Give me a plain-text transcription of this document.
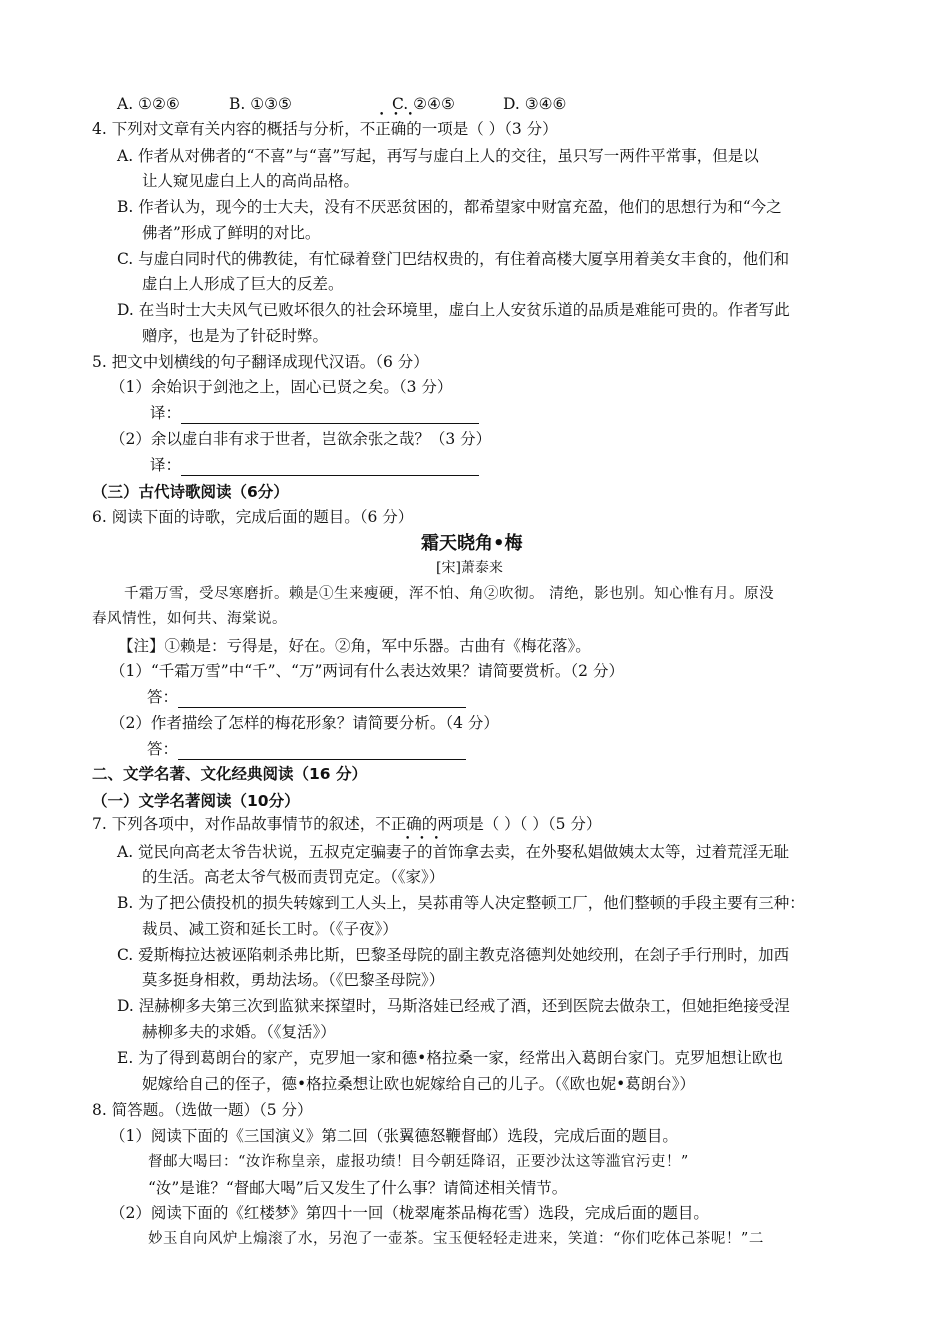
A. ①②⑥	B. ①③⑤	C. ②④⑤	D. ③④⑥
4. 下列对文章有关内容的概括与分析，不正确的一项是（ ）（3 分）
•••
A. 作者从对佛者的“不喜”与“喜”写起，再写与虚白上人的交往，虽只写一两件平常事，但是以
让人窥见虚白上人的高尚品格。
B. 作者认为，现今的士大夫，没有不厌恶贫困的，都希望家中财富充盈，他们的思想行为和“今之
佛者”形成了鲜明的对比。
C. 与虚白同时代的佛教徒，有忙碌着登门巴结权贵的，有住着高楼大厦享用着美女丰食的，他们和
虚白上人形成了巨大的反差。
D. 在当时士大夫风气已败坏很久的社会环境里，虚白上人安贫乐道的品质是难能可贵的。作者写此
赠序，也是为了针砭时弊。
5. 把文中划横线的句子翻译成现代汉语。（6 分）
（1）余始识于剑池之上，固心已贤之矣。（3 分）
译：
（2）余以虚白非有求于世者，岂欲余张之哉？（3 分）
译：
（三）古代诗歌阅读（6分）
6. 阅读下面的诗歌，完成后面的题目。（6 分）
霜天晓角•梅
[宋]萧泰来
千霜万雪，受尽寒磨折。赖是①生来瘦硬，浑不怕、角②吹彻。 清绝，影也别。知心惟有月。原没
春风情性，如何共、海棠说。
【注】①赖是：亏得是，好在。②角，军中乐器。古曲有《梅花落》。
（1）“千霜万雪”中“千”、“万”两词有什么表达效果？请简要赏析。（2 分）
答：
（2）作者描绘了怎样的梅花形象？请简要分析。（4 分）
答：
二、文学名著、文化经典阅读（16 分）
（一）文学名著阅读（10分）
7. 下列各项中，对作品故事情节的叙述，不正确的两项是（ ）（ ）（5 分）
•••
A. 觉民向高老太爷告状说，五叔克定骗妻子的首饰拿去卖，在外娶私娼做姨太太等，过着荒淫无耻
的生活。高老太爷气极而责罚克定。（《家》）
B. 为了把公债投机的损失转嫁到工人头上，吴荪甫等人决定整顿工厂，他们整顿的手段主要有三种：
裁员、减工资和延长工时。（《子夜》）
C. 爱斯梅拉达被诬陷刺杀弗比斯，巴黎圣母院的副主教克洛德判处她绞刑，在刽子手行刑时，加西
莫多挺身相救，勇劫法场。（《巴黎圣母院》）
D. 涅赫柳多夫第三次到监狱来探望时，马斯洛娃已经戒了酒，还到医院去做杂工，但她拒绝接受涅
赫柳多夫的求婚。（《复活》）
E. 为了得到葛朗台的家产，克罗旭一家和德•格拉桑一家，经常出入葛朗台家门。克罗旭想让欧也
妮嫁给自己的侄子，德•格拉桑想让欧也妮嫁给自己的儿子。（《欧也妮•葛朗台》）
8. 简答题。（选做一题）（5 分）
（1）阅读下面的《三国演义》第二回（张翼德怒鞭督邮）选段，完成后面的题目。
督邮大喝曰：“汝诈称皇亲，虚报功绩！目今朝廷降诏，正要沙汰这等滥官污吏！”
“汝”是谁？“督邮大喝”后又发生了什么事？请简述相关情节。
（2）阅读下面的《红楼梦》第四十一回（栊翠庵茶品梅花雪）选段，完成后面的题目。
妙玉自向风炉上煽滚了水，另泡了一壶茶。宝玉便轻轻走进来，笑道：“你们吃体己茶呢！”二
